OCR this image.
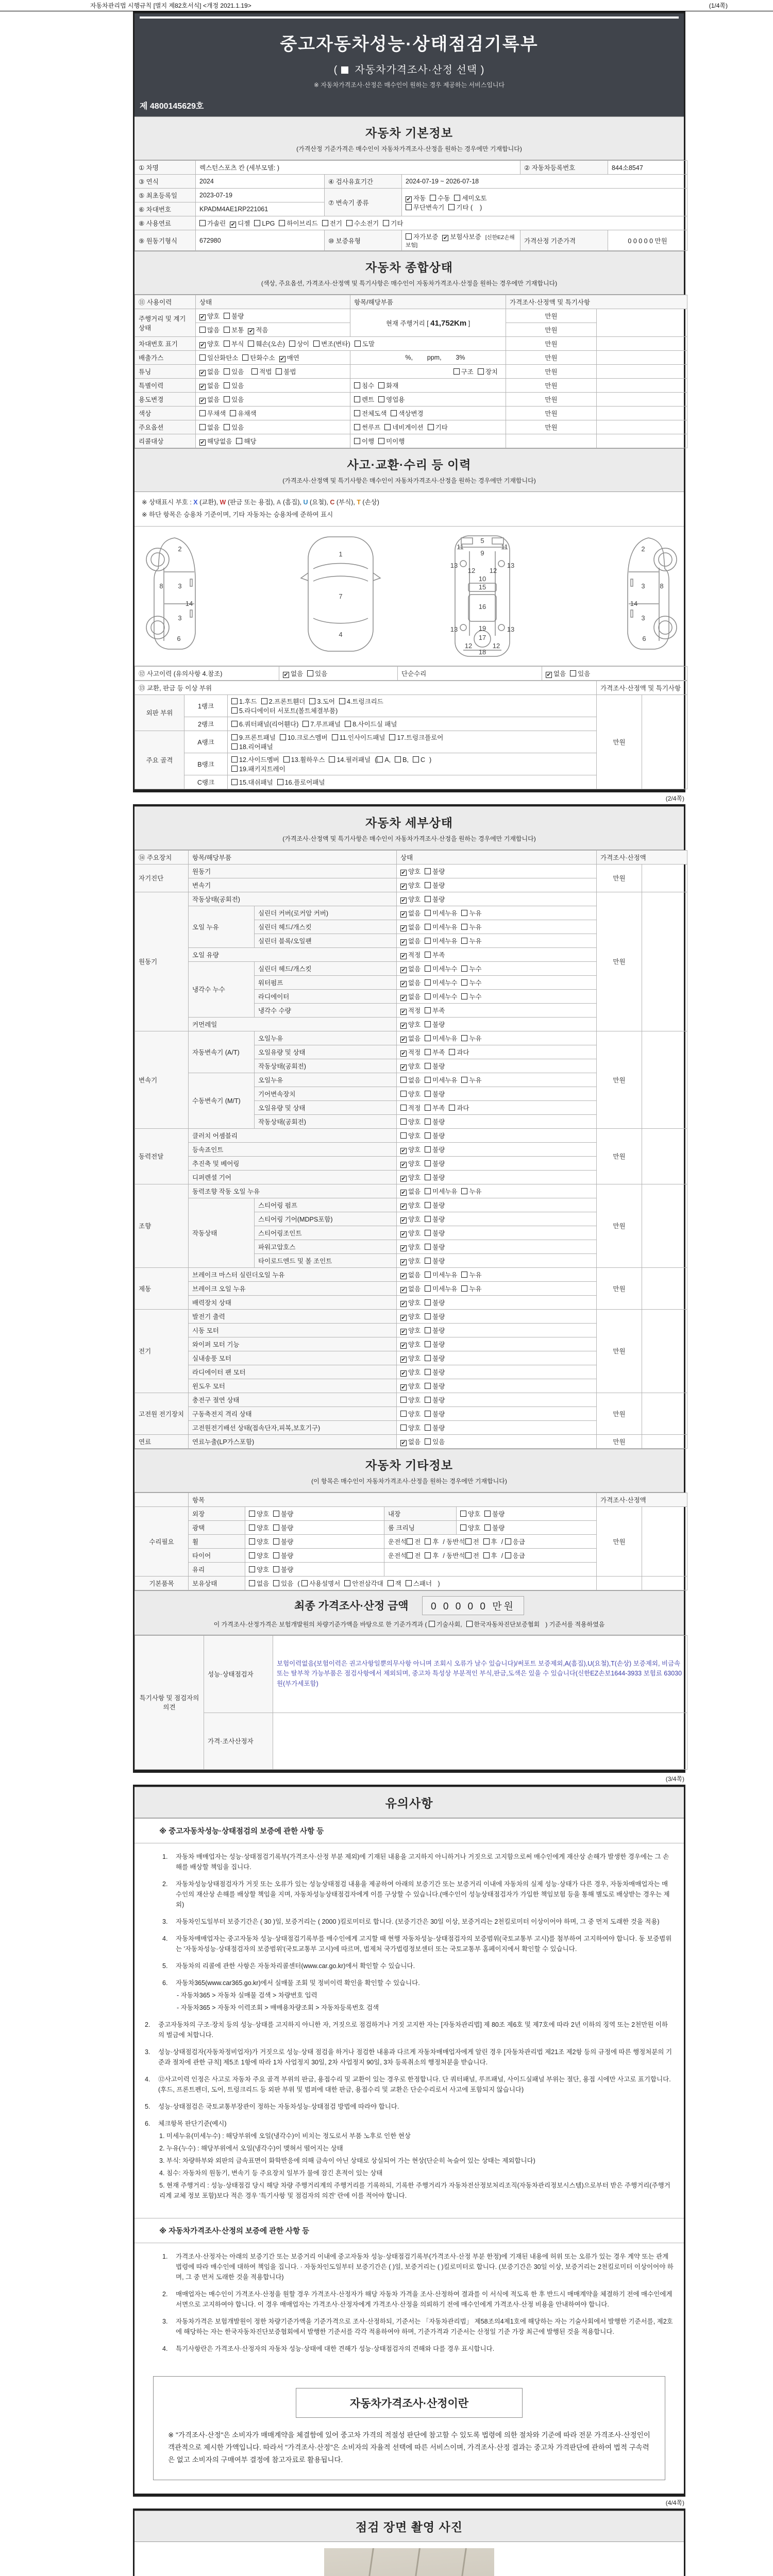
자동차관리법 시행규칙 [별지 제82호서식] <개정 2021.1.19>	(1/4쪽)
중고자동차성능·상태점검기록부
( 자동차가격조사·산정 선택 )
※ 자동차가격조사·산정은 매수인이 원하는 경우 제공하는 서비스입니다
제 4800145629호
자동차 기본정보
(가격산정 기준가격은 매수인이 자동차가격조사·산정을 원하는 경우에만 기재합니다)
① 차명	렉스턴스포츠 칸 (세부모델: )			② 자동차등록번호	844소8547
③ 연식	2024	④ 검사유효기간	2024-07-19 ~ 2026-07-18		
⑤ 최초등록일	2023-07-19	⑦ 변속기 종류	✔ 자동 수동 세미오토
무단변속기 기타 (    )		
⑥ 차대번호	KPADM4AE1RP221061				
⑧ 사용연료	가솔린 ✔ 디젤 LPG 하이브리드 전기 수소전기 기타				
⑨ 원동기형식	672980	⑩ 보증유형	자가보증 ✔ 보험사보증 [신한EZ손해보험]	가격산정 기준가격	0 0 0 0 0 만원
자동차 종합상태
(색상, 주요옵션, 가격조사·산정액 및 특기사항은 매수인이 자동차가격조사·산정을 원하는 경우에만 기재합니다)
⑪ 사용이력	상태	항목/해당부품	가격조사·산정액 및 특기사항	
주행거리 및 계기상태	✔ 양호 불량	현재 주행거리 [ 41,752Km ]	만원	
	많음 보통 ✔ 적음		만원	
차대번호 표기	✔ 양호 부식 훼손(오손) 상이 변조(변타) 도말		만원	
배출가스	일산화탄소 탄화수소 ✔ 매연	%,        ppm,        3%	만원	
튜닝	✔ 없음 있음 적법 불법	구조 장치	만원	
특별이력	✔ 없음 있음	침수 화재	만원	
용도변경	✔ 없음 있음	렌트 영업용	만원	
색상	무채색 유채색	전체도색 색상변경	만원	
주요옵션	없음 있음	썬루프 네비게이션 기타	만원	
리콜대상	✔ 해당없음 해당	이행 미이행		
사고·교환·수리 등 이력
(가격조사·산정액 및 특기사항은 매수인이 자동차가격조사·산정을 원하는 경우에만 기재합니다)
※ 상태표시 부호 : X (교환), W (판금 또는 용접), A (흠집), U (요철), C (부식), T (손상)
※ 하단 항목은 승용차 기준이며, 기타 자동차는 승용차에 준하여 표시
2
8 3
14
3
6
1
7
4
5
9
11	11
13	13
12 12
10
15
16
13	19	13
17
12	12
18
2
8
3
14
3
6
⑫ 사고이력 (유의사항 4.참조)	✔ 없음 있음	단순수리	✔ 없음 있음
⑬ 교환, 판금 등 이상 부위			가격조사·산정액 및 특기사항	
외판 부위	1랭크	1.후드 2.프론트휀더 3.도어 4.트렁크리드
5.라디에이터 서포트(볼트체결부품)	만원	
	2랭크	6.쿼터패널(리어휀다) 7.루프패널 8.사이드실 패널		
주요 골격	A랭크	9.프론트패널 10.크로스멤버 11.인사이드패널 17.트렁크플로어
18.리어패널		
	B랭크	12.사이드멤버 13.휠하우스 14.필러패널 ( A, B, C )
19.패키지트레이		
	C랭크	15.대쉬패널 16.플로어패널		
(2/4쪽)
자동차 세부상태
(가격조사·산정액 및 특기사항은 매수인이 자동차가격조사·산정을 원하는 경우에만 기재합니다)
⑭ 주요장치	항목/해당부품		상태	가격조사·산정액	
자기진단	원동기		✔ 양호 불량	만원	
	변속기		✔ 양호 불량		
원동기	작동상태(공회전)		✔ 양호 불량	만원	
	오일 누유	실린더 커버(로커암 커버)	✔ 없음 미세누유 누유		
		실린더 헤드/개스킷	✔ 없음 미세누유 누유		
		실린더 블록/오일팬	✔ 없음 미세누유 누유		
	오일 유량		✔ 적정 부족		
	냉각수 누수	실린더 헤드/개스킷	✔ 없음 미세누수 누수		
		워터펌프	✔ 없음 미세누수 누수		
		라디에이터	✔ 없음 미세누수 누수		
		냉각수 수량	✔ 적정 부족		
	커먼레일		✔ 양호 불량		
변속기	자동변속기 (A/T)	오일누유	✔ 없음 미세누유 누유	만원	
		오일유량 및 상태	✔ 적정 부족 과다		
		작동상태(공회전)	✔ 양호 불량		
	수동변속기 (M/T)	오일누유	없음 미세누유 누유		
		기어변속장치	양호 불량		
		오일유량 및 상태	적정 부족 과다		
		작동상태(공회전)	양호 불량		
동력전달	클러치 어셈블리		양호 불량	만원	
	등속죠인트		✔ 양호 불량		
	추진축 및 베어링		✔ 양호 불량		
	디퍼렌셜 기어		✔ 양호 불량		
조향	동력조향 작동 오일 누유		✔ 없음 미세누유 누유	만원	
	작동상태	스티어링 펌프	✔ 양호 불량		
		스티어링 기어(MDPS포함)	✔ 양호 불량		
		스티어링조인트	✔ 양호 불량		
		파워고압호스	✔ 양호 불량		
		타이로드엔드 및 볼 조인트	✔ 양호 불량		
제동	브레이크 마스터 실린더오일 누유		✔ 없음 미세누유 누유	만원	
	브레이크 오일 누유		✔ 없음 미세누유 누유		
	배력장치 상태		✔ 양호 불량		
전기	발전기 출력		✔ 양호 불량	만원	
	시동 모터		✔ 양호 불량		
	와이퍼 모터 기능		✔ 양호 불량		
	실내송풍 모터		✔ 양호 불량		
	라디에이터 팬 모터		✔ 양호 불량		
	윈도우 모터		✔ 양호 불량		
고전원 전기장치	충전구 절연 상태		양호 불량	만원	
	구동축전지 격리 상태		양호 불량		
	고전원전기배선 상태(접속단자,피복,보호기구)		양호 불량		
연료	연료누출(LP가스포함)		✔ 없음 있음	만원	
자동차 기타정보
(이 항목은 매수인이 자동차가격조사·산정을 원하는 경우에만 기재합니다)
	항목				가격조사·산정액	
수리필요	외장	양호 불량	내장	양호 불량	만원	
	광택	양호 불량	룸 크리닝	양호 불량		
	휠	양호 불량	운전석 전 후 / 동반석 전 후 / 응급			
	타이어	양호 불량	운전석 전 후 / 동반석 전 후 / 응급			
	유리	양호 불량				
기본품목	보유상태	없음 있음 ( 사용설명서 안전삼각대 잭 스패너 )				
최종 가격조사·산정 금액 0 0 0 0 0 만원
이 가격조사·산정가격은 보험개발원의 차량기준가액을 바탕으로 한 기준가격과 ( 기술사회, 한국자동차진단보증협회 ) 기준서를 적용하였음
특기사항 및 점검자의 의견	성능·상태점검자	보험이력없음(보험이력은 권고사항일뿐의무사항 아니며 조회시 오류가 날수 있습니다)/써포트 보증제외,A(흠집),U(요철),T(손상) 보증제외, 비금속 또는 탈부착 가능부품은 점검사항에서 제외되며, 중고차 특성상 부분적인 부식,판금,도색은 있을 수 있습니다(신한EZ손보1644-3933 보험료 63030원(부가세포함)
	가격·조사산정자	
(3/4쪽)
유의사항
※ 중고자동차성능·상태점검의 보증에 관한 사항 등
1.	자동차 매매업자는 성능·상태점검기록부(가격조사·산정 부분 제외)에 기재된 내용을 고지하지 아니하거나 거짓으로 고지함으로써 매수인에게 재산상 손해가 발생한 경우에는 그 손해를 배상할 책임을 집니다.
2.	자동차성능상태점검자가 거짓 또는 오류가 있는 성능상태점검 내용을 제공하여 아래의 보증기간 또는 보증거리 이내에 자동차의 실제 성능·상태가 다른 경우, 자동차매매업자는 매수인의 재산상 손해를 배상할 책임을 지며, 자동차성능상태점검자에게 이를 구상할 수 있습니다.(매수인이 성능상태점검자가 가입한 책임보험 등을 통해 별도로 배상받는 경우는 제외)
3.	자동차인도일부터 보증기간은 ( 30 )일, 보증거리는 ( 2000 )킬로미터로 합니다. (보증기간은 30일 이상, 보증거리는 2천킬로미터 이상이어야 하며, 그 중 먼저 도래한 것을 적용)
4.	자동차매매업자는 중고자동차 성능·상태점검기록부를 매수인에게 고지할 때 현행 자동차성능·상태점검자의 보증범위(국토교통부 고시)를 첨부하여 고지하여야 합니다. 동 보증범위는 '자동차성능·상태점검자의 보증범위'(국토교통부 고시)에 따르며, 법제처 국가법령정보센터 또는 국토교통부 홈페이지에서 확인할 수 있습니다.
5.	자동차의 리콜에 관한 사항은 자동차리콜센터(www.car.go.kr)에서 확인할 수 있습니다.
6.	자동차365(www.car365.go.kr)에서 실매물 조회 및 정비이력 확인을 확인할 수 있습니다.
- 자동차365 > 자동차 실매물 검색 > 차량번호 입력
- 자동차365 > 자동차 이력조회 > 매매용차량조회 > 자동차등록번호 검색
2.	중고자동차의 구조·장치 등의 성능·상태를 고지하지 아니한 자, 거짓으로 점검하거나 거짓 고지한 자는 [자동차관리법] 제 80조 제6호 및 제7호에 따라 2년 이하의 징역 또는 2천만원 이하의 벌금에 처합니다.
3.	성능·상태점검자(자동차정비업자)가 거짓으로 성능·상태 점검을 하거나 점검한 내용과 다르게 자동차매매업자에게 알린 경우 [자동차관리법 제21조 제2항 등의 규정에 따른 행정처분의 기준과 절차에 관한 규칙] 제5조 1항에 따라 1차 사업정지 30일, 2차 사업정지 90일, 3차 등록취소의 행정처분을 받습니다.
4.	⑫사고이력 인정은 사고로 자동차 주요 골격 부위의 판금, 용접수리 및 교환이 있는 경우로 한정합니다. 단 쿼터패널, 루프패널, 사이드실패널 부위는 절단, 용접 시에만 사고로 표기합니다. (후드, 프론트펜더, 도어, 트렁크리드 등 외판 부위 및 범퍼에 대한 판금, 용접수리 및 교환은 단순수리로서 사고에 포함되지 않습니다)
5.	성능·상태점검은 국토교통부장관이 정하는 자동차성능·상태점검 방법에 따라야 합니다.
6.	체크항목 판단기준(예시)
1. 미세누유(미세누수) : 해당부위에 오일(냉각수)이 비치는 정도로서 부품 노후로 인한 현상
2. 누유(누수) : 해당부위에서 오일(냉각수)이 맺혀서 떨어지는 상태
3. 부식: 차량하부와 외판의 금속표면이 화학반응에 의해 금속이 아닌 상태로 상실되어 가는 현상(단순히 녹슬어 있는 상태는 제외합니다)
4. 침수: 자동차의 원동기, 변속기 등 주요장치 일부가 물에 잠긴 흔적이 있는 상태
5. 현재 주행거리 : 성능·상태점검 당시 해당 차량 주행거리계의 주행거리를 기록하되, 기록한 주행거리가 자동차전산정보처리조직(자동차관리정보시스템)으로부터 받은 주행거리(주행거리계 교체 정보 포함)보다 적은 경우 '특기사항 및 점검자의 의견' 란에 이를 적어야 합니다.
※ 자동차가격조사·산정의 보증에 관한 사항 등
1.	가격조사·산정자는 아래의 보증기간 또는 보증거리 이내에 중고자동차 성능·상태점검기록부(가격조사·산정 부분 한정)에 기재된 내용에 허위 또는 오류가 있는 경우 계약 또는 관계법령에 따라 매수인에 대하여 책임을 집니다. · 자동차인도일부터 보증기간은 ( )일, 보증거리는 ( )킬로미터로 합니다. (보증기간은 30일 이상, 보증거리는 2천킬로미터 이상이어야 하며, 그 중 먼저 도래한 것을 적용합니다)
2.	매매업자는 매수인이 가격조사·산정을 원할 경우 가격조사·산정자가 해당 자동차 가격을 조사·산정하여 결과를 이 서식에 적도록 한 후 반드시 매매계약을 체결하기 전에 매수인에게 서면으로 고지하여야 합니다. 이 경우 매매업자는 가격조사·산정자에게 가격조사·산정을 의뢰하기 전에 매수인에게 가격조사·산정 비용을 안내하여야 합니다.
3.	자동차가격은 보험개발원이 정한 차량기준가액을 기준가격으로 조사·산정하되, 기준서는 「자동차관리법」 제58조의4제1호에 해당하는 자는 기술사회에서 발행한 기준서를, 제2호에 해당하는 자는 한국자동차진단보증협회에서 발행한 기준서를 각각 적용하여야 하며, 기준가격과 기준서는 산정일 기준 가장 최근에 발행된 것을 적용합니다.
4.	특기사항란은 가격조사·산정자의 자동차 성능·상태에 대한 견해가 성능·상태점검자의 견해와 다를 경우 표시합니다.
자동차가격조사·산정이란
※ "가격조사·산정"은 소비자가 매매계약을 체결함에 있어 중고차 가격의 적절성 판단에 참고할 수 있도록 법령에 의한 절차와 기준에 따라 전문 가격조사·산정인이 객관적으로 제시한 가액입니다. 따라서 "가격조사·산정"은 소비자의 자율적 선택에 따른 서비스이며, 가격조사·산정 결과는 중고차 가격판단에 관하여 법적 구속력은 없고 소비자의 구매여부 결정에 참고자료로 활용됩니다.
(4/4쪽)
점검 장면 촬영 사진
